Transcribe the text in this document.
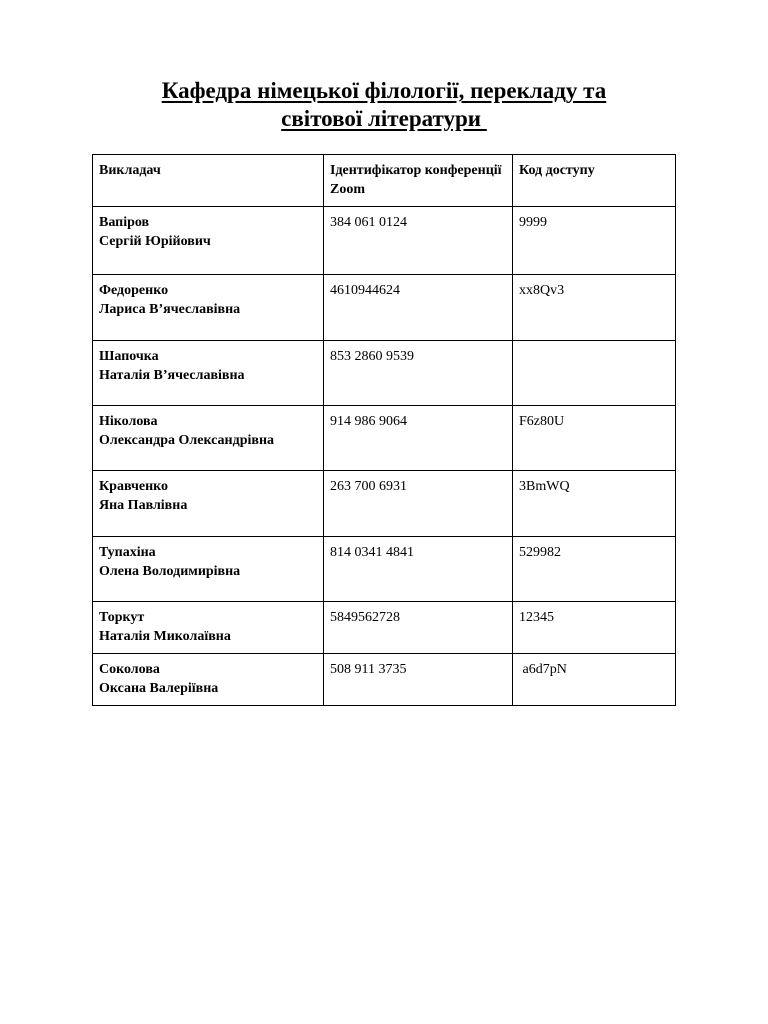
Кафедра німецької філології, перекладу та
світової літератури
Викладач	Ідентифікатор конференції Zoom	Код доступу

Вапіров
Сергій Юрійович	384 061 0124	9999

Федоренко
Лариса В’ячеславівна	4610944624	xx8Qv3

Шапочка
Наталія В’ячеславівна	853 2860 9539	

Ніколова
Олександра Олександрівна	914 986 9064	F6z80U

Кравченко
Яна Павлівна	263 700 6931	3BmWQ

Тупахіна
Олена Володимирівна	814 0341 4841	529982

Торкут
Наталія Миколаївна	5849562728	12345

Соколова
Оксана Валеріївна	508 911 3735	a6d7pN
